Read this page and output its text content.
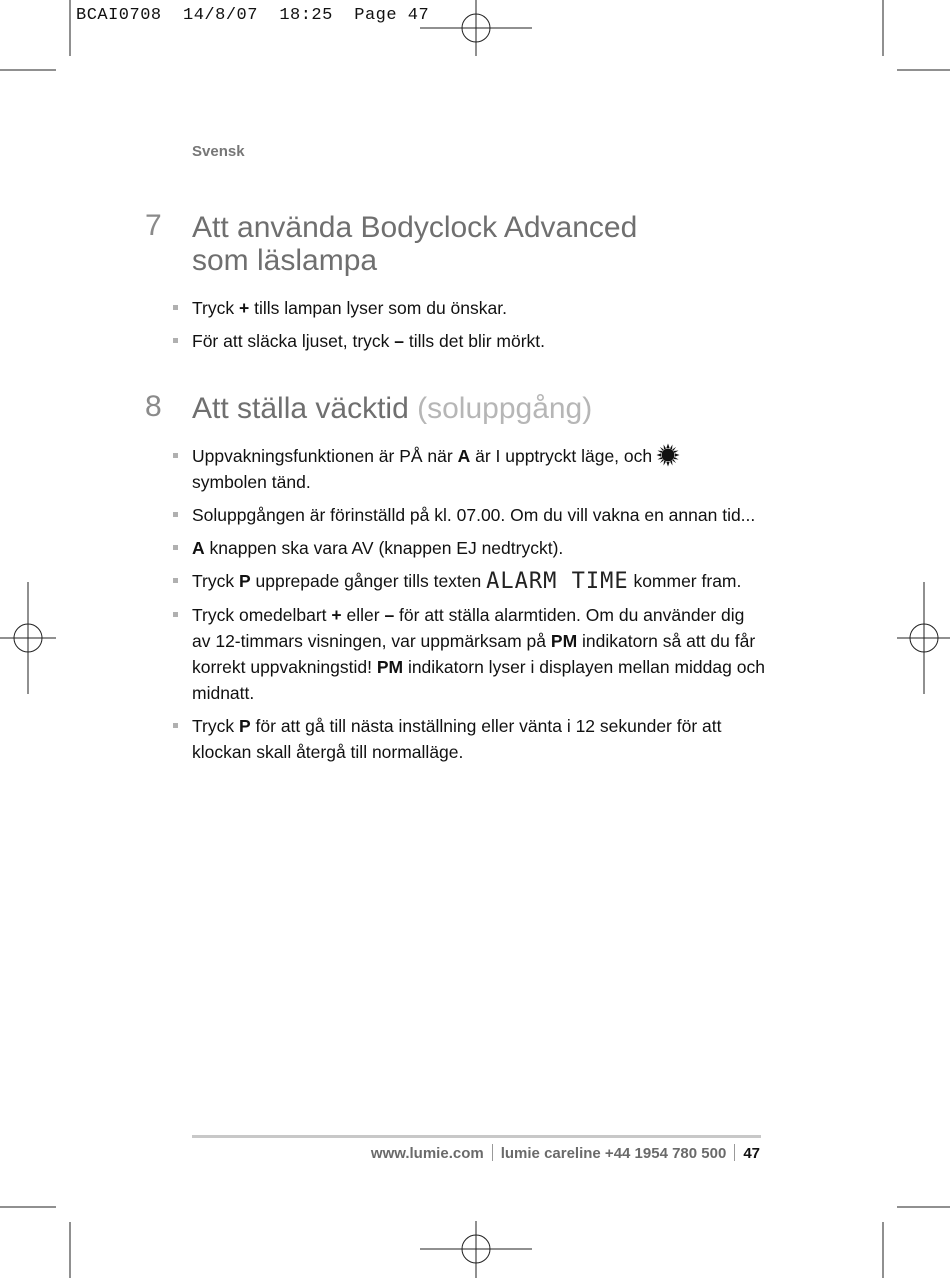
BCAI0708  14/8/07  18:25  Page 47
Svensk
7 Att använda Bodyclock Advanced
som läslampa
Tryck + tills lampan lyser som du önskar.
För att släcka ljuset, tryck – tills det blir mörkt.
8 Att ställa väcktid (soluppgång)
Uppvakningsfunktionen är PÅ när A är I upptryckt läge, och
symbolen tänd.
Soluppgången är förinställd på kl. 07.00. Om du vill vakna en annan tid...
A knappen ska vara AV (knappen EJ nedtryckt).
Tryck P upprepade gånger tills texten ALARM TIME kommer fram.
Tryck omedelbart + eller – för att ställa alarmtiden. Om du använder dig av 12-timmars visningen, var uppmärksam på PM indikatorn så att du får korrekt uppvakningstid! PM indikatorn lyser i displayen mellan middag och midnatt.
Tryck P för att gå till nästa inställning eller vänta i 12 sekunder för att klockan skall återgå till normalläge.
www.lumie.com lumie careline +44 1954 780 500 47
